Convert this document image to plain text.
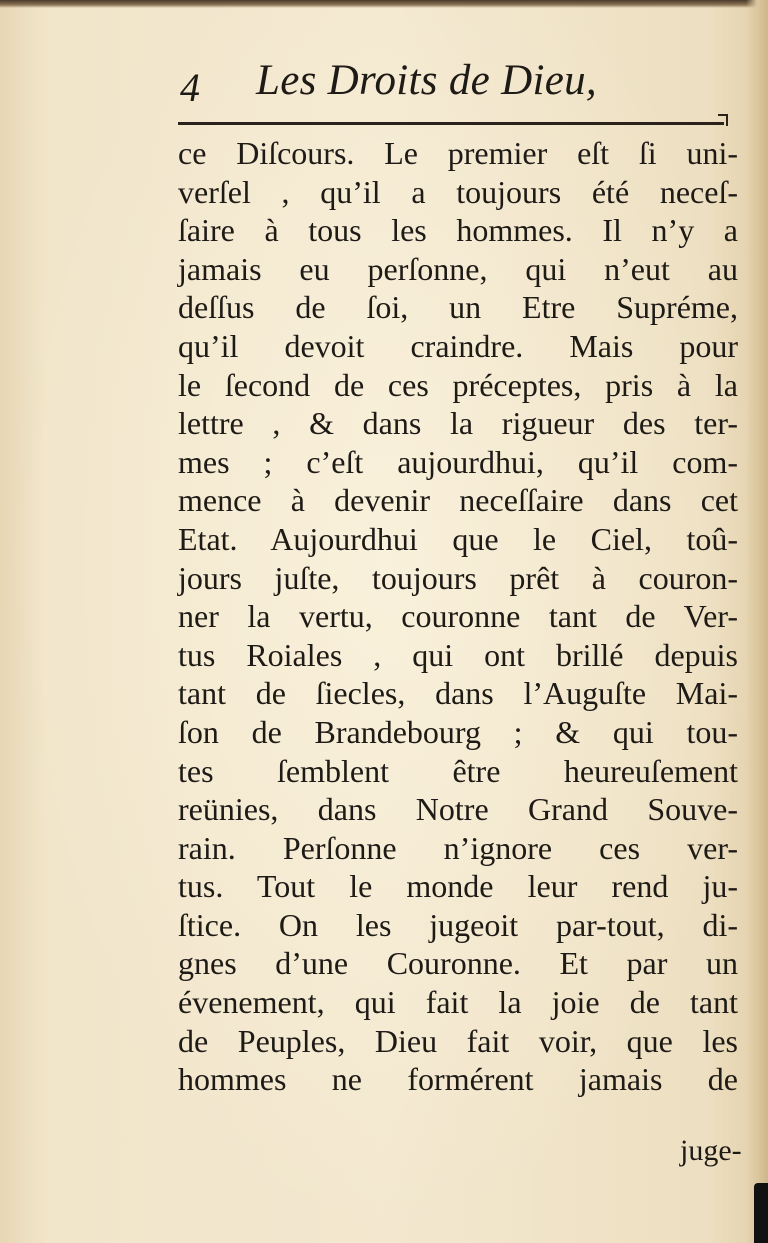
4 Les Droits de Dieu,
ce Diſcours. Le premier eſt ſi uni-
verſel , qu’il a toujours été neceſ-
ſaire à tous les hommes. Il n’y a
jamais eu perſonne, qui n’eut au
deſſus de ſoi, un Etre Supréme,
qu’il devoit craindre. Mais pour
le ſecond de ces préceptes, pris à la
lettre , & dans la rigueur des ter-
mes ; c’eſt aujourdhui, qu’il com-
mence à devenir neceſſaire dans cet
Etat. Aujourdhui que le Ciel, toû-
jours juſte, toujours prêt à couron-
ner la vertu, couronne tant de Ver-
tus Roiales , qui ont brillé depuis
tant de ſiecles, dans l’Auguſte Mai-
ſon de Brandebourg ; & qui tou-
tes ſemblent être heureuſement
reünies, dans Notre Grand Souve-
rain. Perſonne n’ignore ces ver-
tus. Tout le monde leur rend ju-
ſtice. On les jugeoit par-tout, di-
gnes d’une Couronne. Et par un
évenement, qui fait la joie de tant
de Peuples, Dieu fait voir, que les
hommes ne formérent jamais de
juge-
